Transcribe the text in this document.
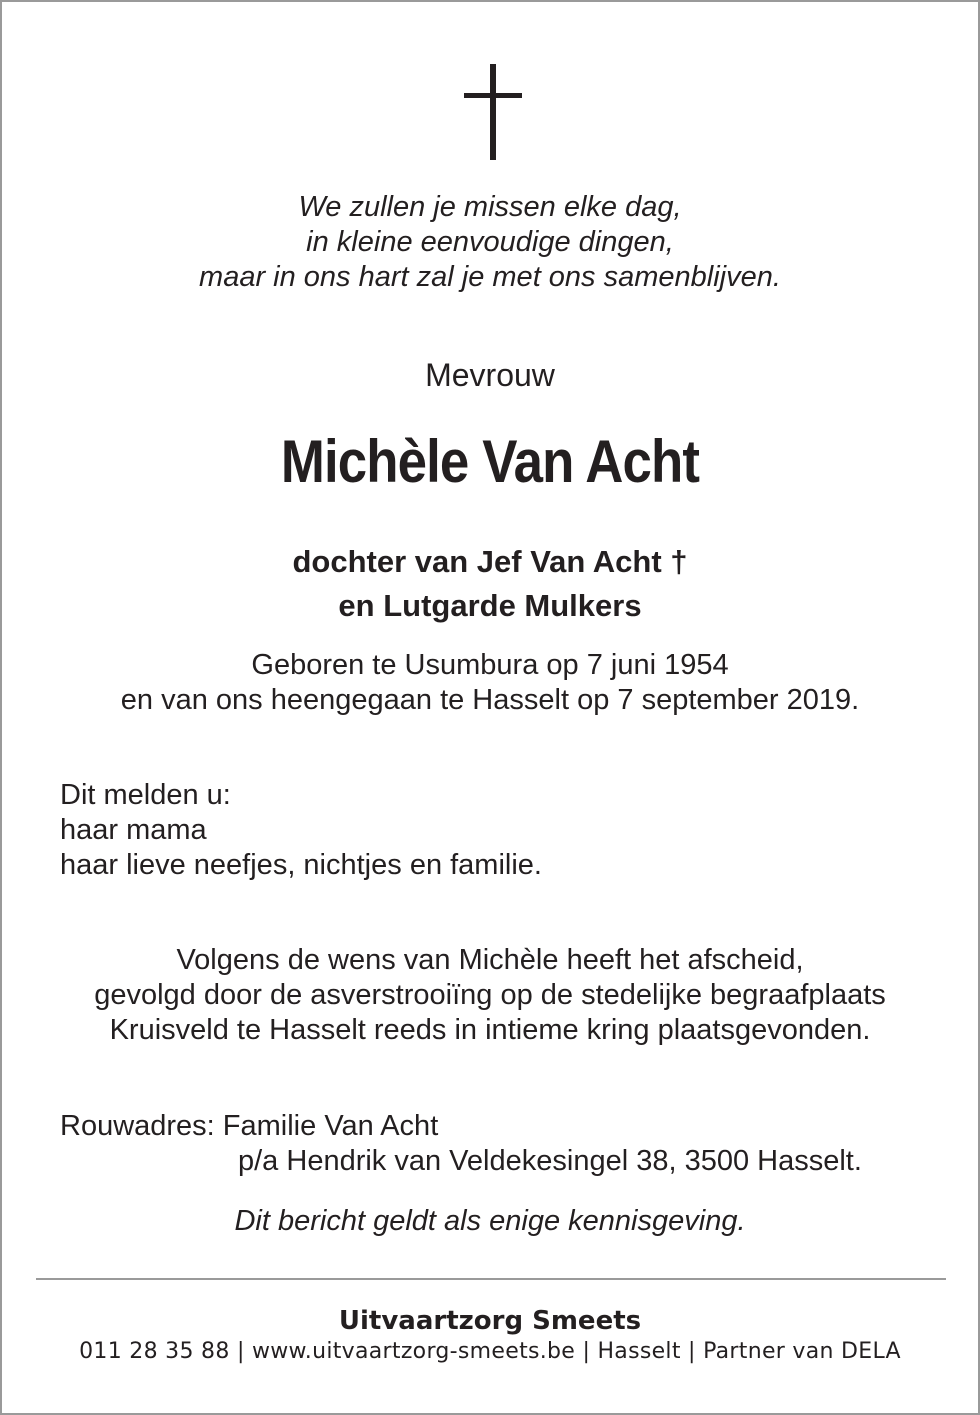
We zullen je missen elke dag,
in kleine eenvoudige dingen,
maar in ons hart zal je met ons samenblijven.
Mevrouw
Michèle Van Acht
dochter van Jef Van Acht †
en Lutgarde Mulkers
Geboren te Usumbura op 7 juni 1954
en van ons heengegaan te Hasselt op 7 september 2019.
Dit melden u:
haar mama
haar lieve neefjes, nichtjes en familie.
Volgens de wens van Michèle heeft het afscheid,
gevolgd door de asverstrooiïng op de stedelijke begraafplaats
Kruisveld te Hasselt reeds in intieme kring plaatsgevonden.
Rouwadres: Familie Van Acht
p/a Hendrik van Veldekesingel 38, 3500 Hasselt.
Dit bericht geldt als enige kennisgeving.
Uitvaartzorg Smeets
011 28 35 88 | www.uitvaartzorg-smeets.be | Hasselt | Partner van DELA
